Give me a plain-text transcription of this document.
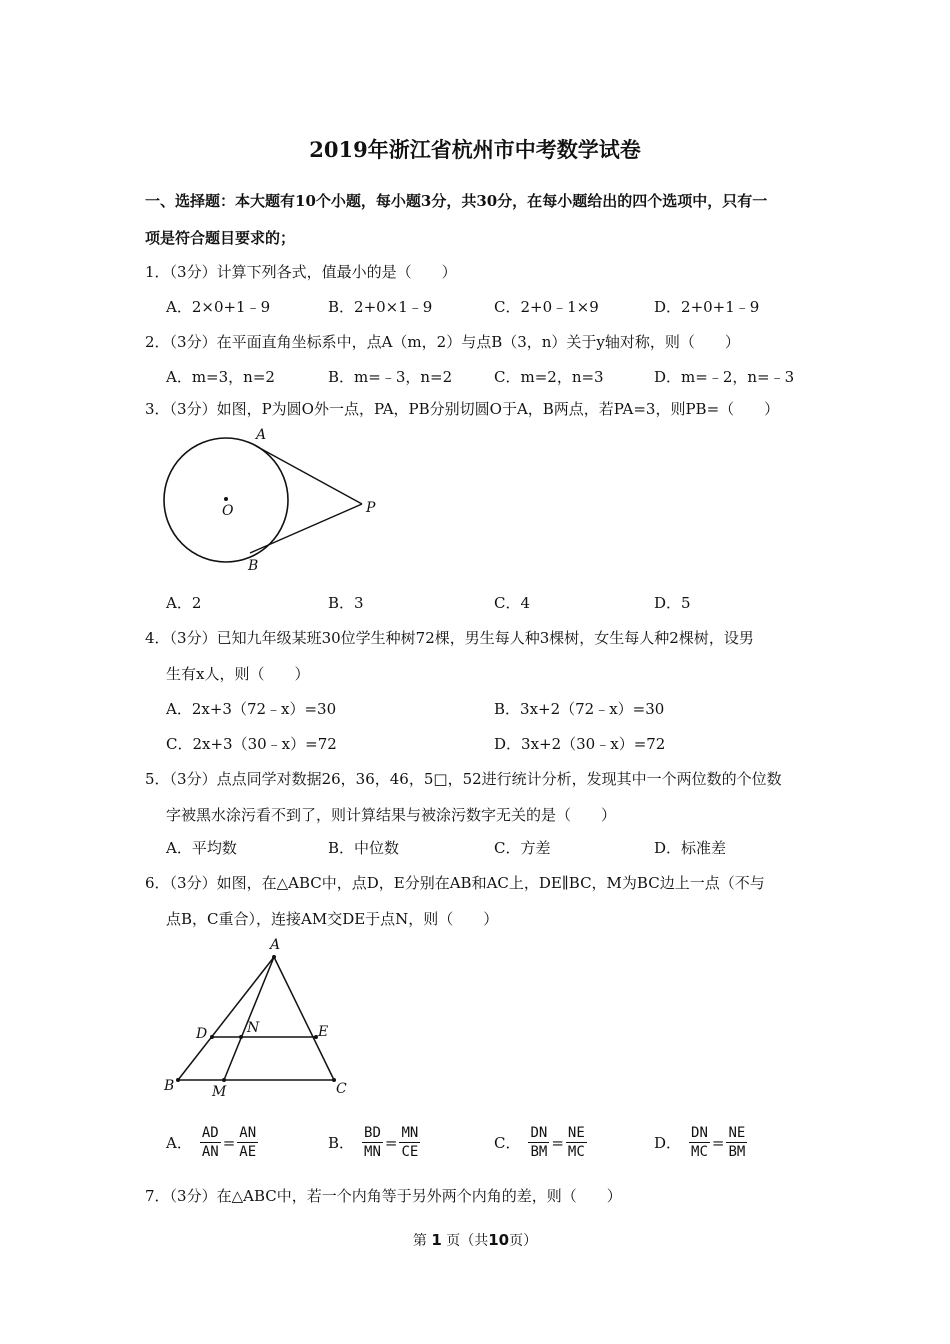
2019年浙江省杭州市中考数学试卷
一、选择题：本大题有10个小题，每小题3分，共30分，在每小题给出的四个选项中，只有一
项是符合题目要求的；
1．（3分）计算下列各式，值最小的是（　　）
A．2×0+1﹣9	B．2+0×1﹣9	C．2+0﹣1×9	D．2+0+1﹣9
2．（3分）在平面直角坐标系中，点A（m，2）与点B（3，n）关于y轴对称，则（　　）
A．m=3，n=2	B．m=﹣3，n=2	C．m=2，n=3	D．m=﹣2，n=﹣3
3．（3分）如图，P为圆O外一点，PA，PB分别切圆O于A，B两点，若PA=3，则PB=（　　）
A
B
O	P
A．2	B．3	C．4	D．5
4．（3分）已知九年级某班30位学生种树72棵，男生每人种3棵树，女生每人种2棵树，设男
生有x人，则（　　）
A．2x+3（72﹣x）=30	B．3x+2（72﹣x）=30
C．2x+3（30﹣x）=72	D．3x+2（30﹣x）=72
5．（3分）点点同学对数据26，36，46，5□，52进行统计分析，发现其中一个两位数的个位数
字被黑水涂污看不到了，则计算结果与被涂污数字无关的是（　　）
A．平均数	B．中位数	C．方差	D．标准差
6．（3分）如图，在△ABC中，点D，E分别在AB和AC上，DE∥BC，M为BC边上一点（不与
点B，C重合），连接AM交DE于点N，则（　　）
A
D	N	E
B	M	C
A． $\frac{AD}{AN} = \frac{AN}{AE}$	B． $\frac{BD}{MN} = \frac{MN}{CE}$	C． $\frac{DN}{BM} = \frac{NE}{MC}$	D． $\frac{DN}{MC} = \frac{NE}{BM}$
7．（3分）在△ABC中，若一个内角等于另外两个内角的差，则（　　）
第 1 页（共10页）
